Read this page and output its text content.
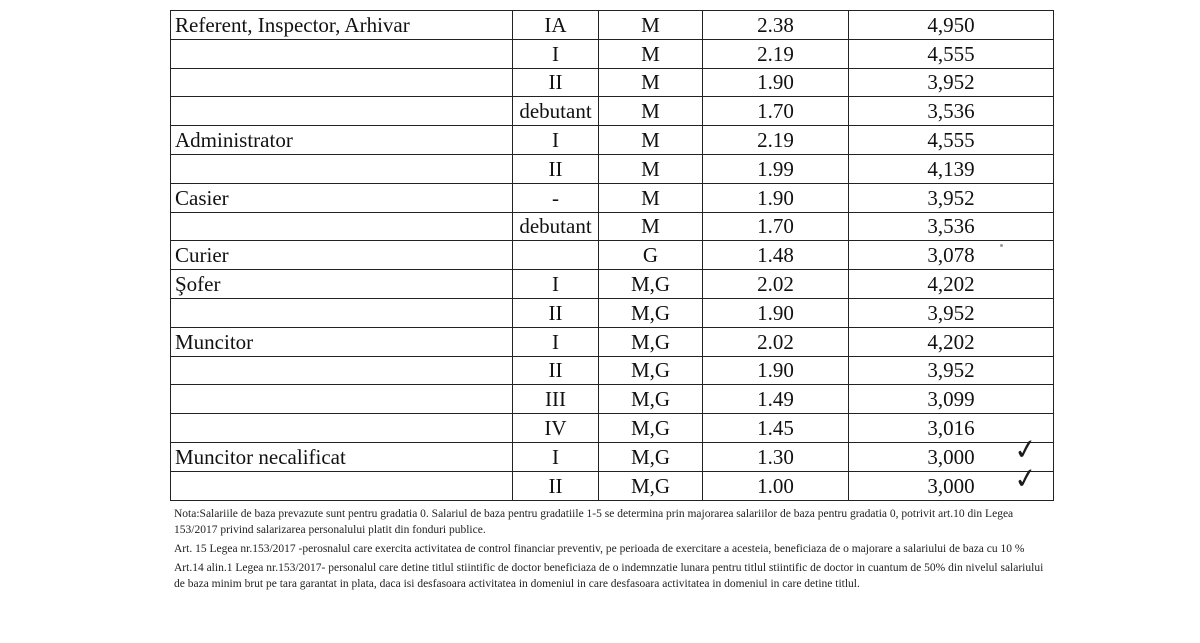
Referent, Inspector, Arhivar	IA	M	2.38	4,950
	I	M	2.19	4,555
	II	M	1.90	3,952
	debutant	M	1.70	3,536
Administrator	I	M	2.19	4,555
	II	M	1.99	4,139
Casier	-	M	1.90	3,952
	debutant	M	1.70	3,536
Curier		G	1.48	3,078
Şofer	I	M,G	2.02	4,202
	II	M,G	1.90	3,952
Muncitor	I	M,G	2.02	4,202
	II	M,G	1.90	3,952
	III	M,G	1.49	3,099
	IV	M,G	1.45	3,016
Muncitor necalificat	I	M,G	1.30	3,000 ✓

	II	M,G	1.00	3,000 ✓

Nota:Salariile de baza prevazute sunt pentru gradatia 0. Salariul de baza pentru gradatiile 1-5 se determina prin majorarea salariilor de baza pentru gradatia 0, potrivit art.10 din Legea 153/2017 privind salarizarea personalului platit din fonduri publice.

Art. 15 Legea nr.153/2017 -perosnalul care exercita activitatea de control financiar preventiv, pe perioada de exercitare a acesteia, beneficiaza de o majorare a salariului de baza cu 10 %

Art.14 alin.1 Legea nr.153/2017- personalul care detine titlul stiintific de doctor beneficiaza de o indemnzatie lunara pentru titlul stiintific de doctor in cuantum de 50% din nivelul salariului de baza minim brut pe tara garantat in plata, daca isi desfasoara activitatea in domeniul in care desfasoara activitatea in domeniul in care detine titlul.
